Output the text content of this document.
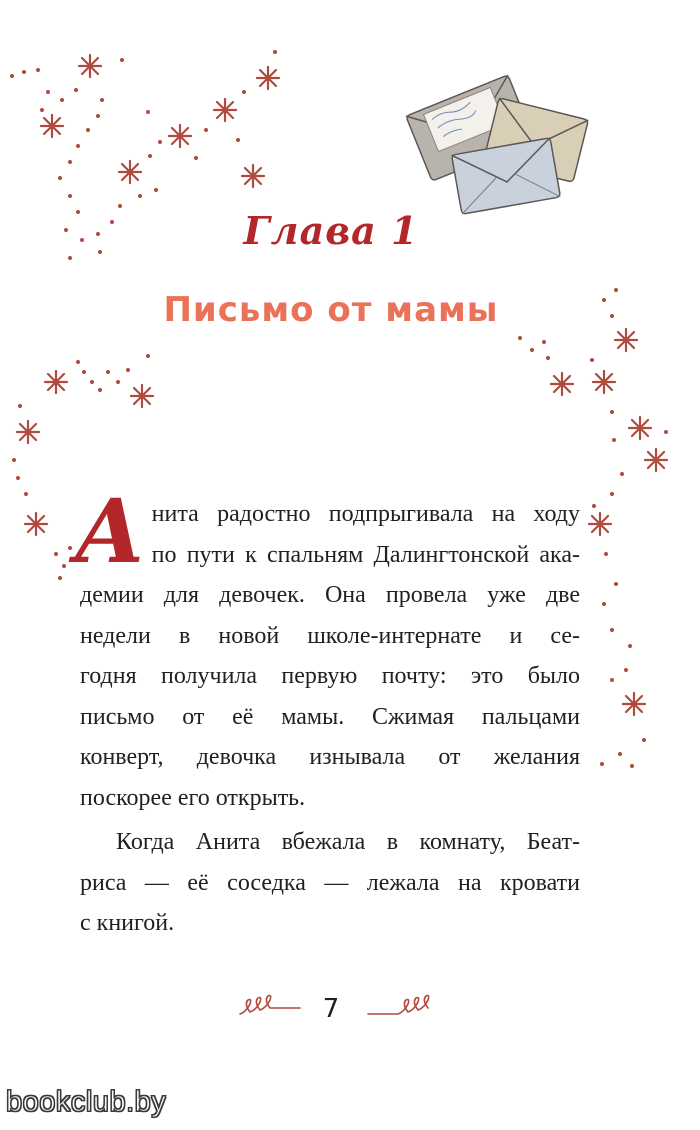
Глава 1
Письмо от мамы
А нита радостно подпрыгивала на ходу
по пути к спальням Далингтонской ака-
демии для девочек. Она провела уже две
недели в новой школе-интернате и се-
годня получила первую почту: это было
письмо от её мамы. Сжимая пальцами
конверт, девочка изнывала от желания
поскорее его открыть.
Когда Анита вбежала в комнату, Беат-
риса — её соседка — лежала на кровати
с книгой.
7
bookclub.by
